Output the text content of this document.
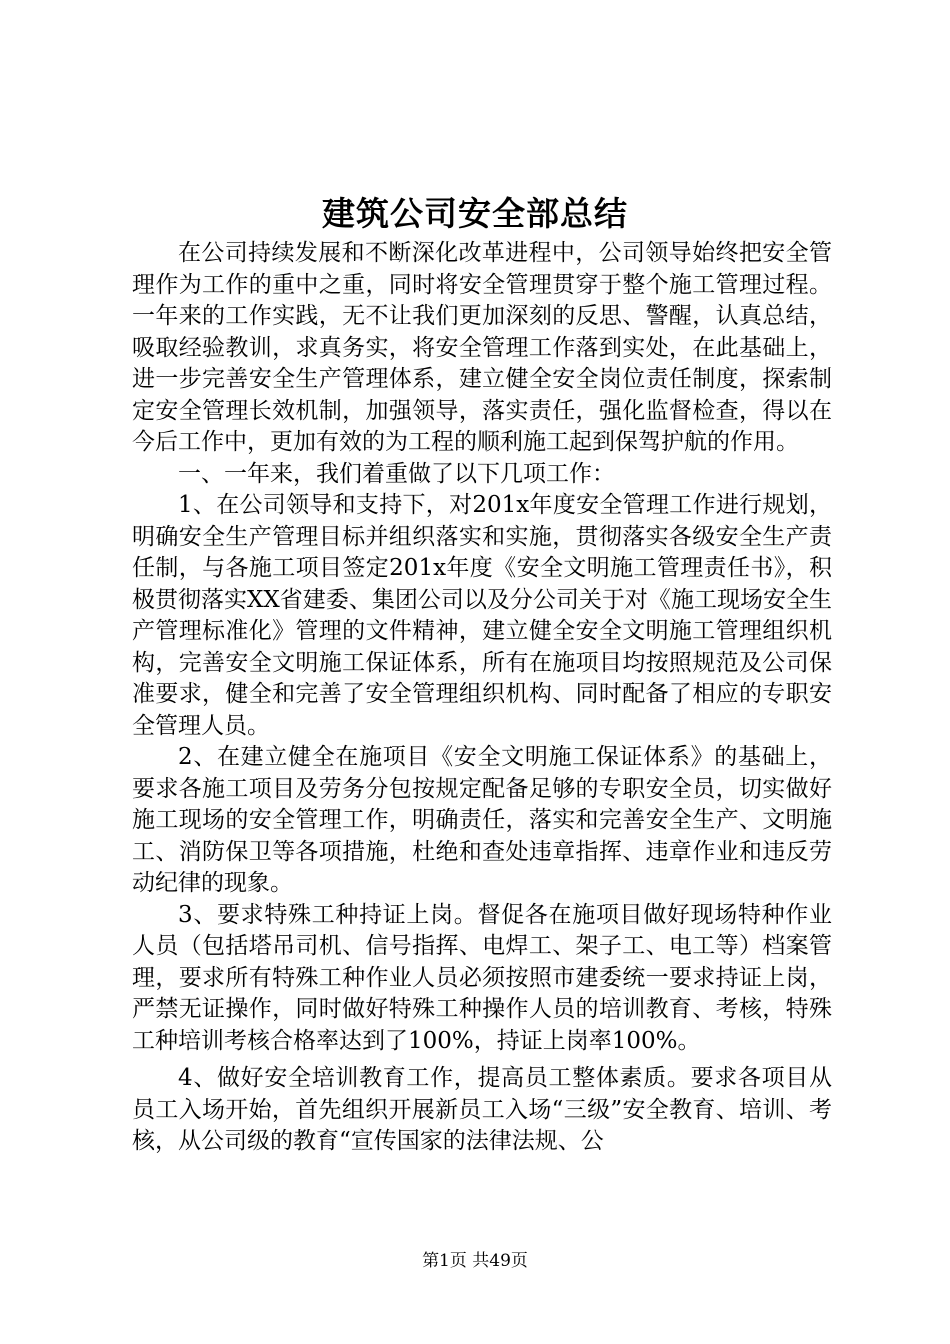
建筑公司安全部总结

在公司持续发展和不断深化改革进程中，公司领导始终把安全管理作为工作的重中之重，同时将安全管理贯穿于整个施工管理过程。一年来的工作实践，无不让我们更加深刻的反思、警醒，认真总结，吸取经验教训，求真务实，将安全管理工作落到实处，在此基础上，进一步完善安全生产管理体系，建立健全安全岗位责任制度，探索制定安全管理长效机制，加强领导，落实责任，强化监督检查，得以在今后工作中，更加有效的为工程的顺利施工起到保驾护航的作用。

一、一年来，我们着重做了以下几项工作：

1、在公司领导和支持下，对201x年度安全管理工作进行规划，明确安全生产管理目标并组织落实和实施，贯彻落实各级安全生产责任制，与各施工项目签定201x年度《安全文明施工管理责任书》，积极贯彻落实XX省建委、集团公司以及分公司关于对《施工现场安全生产管理标准化》管理的文件精神，建立健全安全文明施工管理组织机构，完善安全文明施工保证体系，所有在施项目均按照规范及公司保准要求，健全和完善了安全管理组织机构、同时配备了相应的专职安全管理人员。

2、在建立健全在施项目《安全文明施工保证体系》的基础上，要求各施工项目及劳务分包按规定配备足够的专职安全员，切实做好施工现场的安全管理工作，明确责任，落实和完善安全生产、文明施工、消防保卫等各项措施，杜绝和查处违章指挥、违章作业和违反劳动纪律的现象。

3、要求特殊工种持证上岗。督促各在施项目做好现场特种作业人员（包括塔吊司机、信号指挥、电焊工、架子工、电工等）档案管理，要求所有特殊工种作业人员必须按照市建委统一要求持证上岗，严禁无证操作，同时做好特殊工种操作人员的培训教育、考核，特殊工种培训考核合格率达到了100%，持证上岗率100%。

4、做好安全培训教育工作，提高员工整体素质。要求各项目从员工入场开始，首先组织开展新员工入场“三级”安全教育、培训、考核，从公司级的教育“宣传国家的法律法规、公

第1页 共49页
